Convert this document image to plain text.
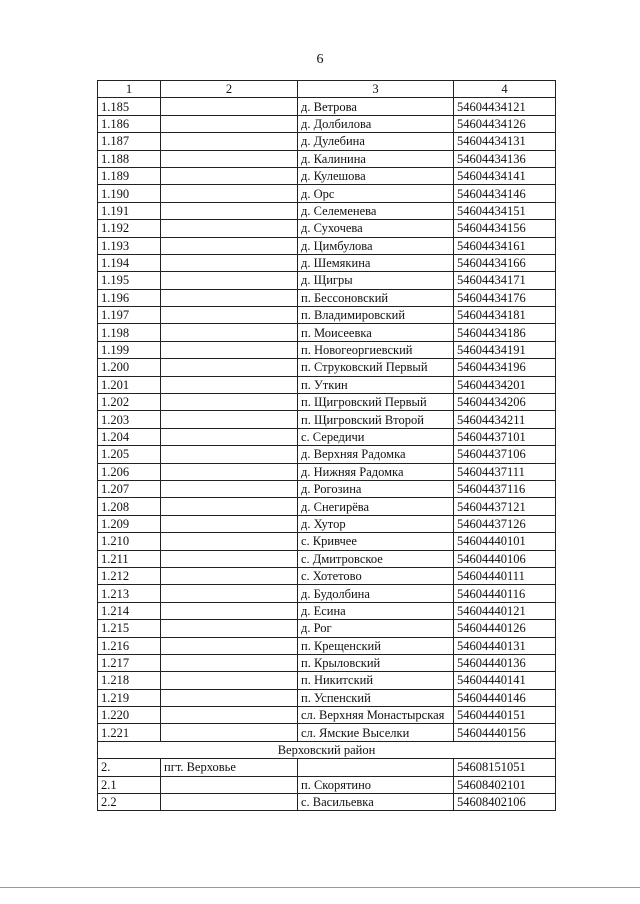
6
1	2	3	4
1.185		д. Ветрова	54604434121
1.186		д. Долбилова	54604434126
1.187		д. Дулебина	54604434131
1.188		д. Калинина	54604434136
1.189		д. Кулешова	54604434141
1.190		д. Орс	54604434146
1.191		д. Селеменева	54604434151
1.192		д. Сухочева	54604434156
1.193		д. Цимбулова	54604434161
1.194		д. Шемякина	54604434166
1.195		д. Щигры	54604434171
1.196		п. Бессоновский	54604434176
1.197		п. Владимировский	54604434181
1.198		п. Моисеевка	54604434186
1.199		п. Новогеоргиевский	54604434191
1.200		п. Струковский Первый	54604434196
1.201		п. Уткин	54604434201
1.202		п. Щигровский Первый	54604434206
1.203		п. Щигровский Второй	54604434211
1.204		с. Середичи	54604437101
1.205		д. Верхняя Радомка	54604437106
1.206		д. Нижняя Радомка	54604437111
1.207		д. Рогозина	54604437116
1.208		д. Снегирёва	54604437121
1.209		д. Хутор	54604437126
1.210		с. Кривчее	54604440101
1.211		с. Дмитровское	54604440106
1.212		с. Хотетово	54604440111
1.213		д. Будолбина	54604440116
1.214		д. Есина	54604440121
1.215		д. Рог	54604440126
1.216		п. Крещенский	54604440131
1.217		п. Крыловский	54604440136
1.218		п. Никитский	54604440141
1.219		п. Успенский	54604440146
1.220		сл. Верхняя Монастырская	54604440151
1.221		сл. Ямские Выселки	54604440156
Верховский район			
2.	пгт. Верховье		54608151051
2.1		п. Скорятино	54608402101
2.2		с. Васильевка	54608402106
